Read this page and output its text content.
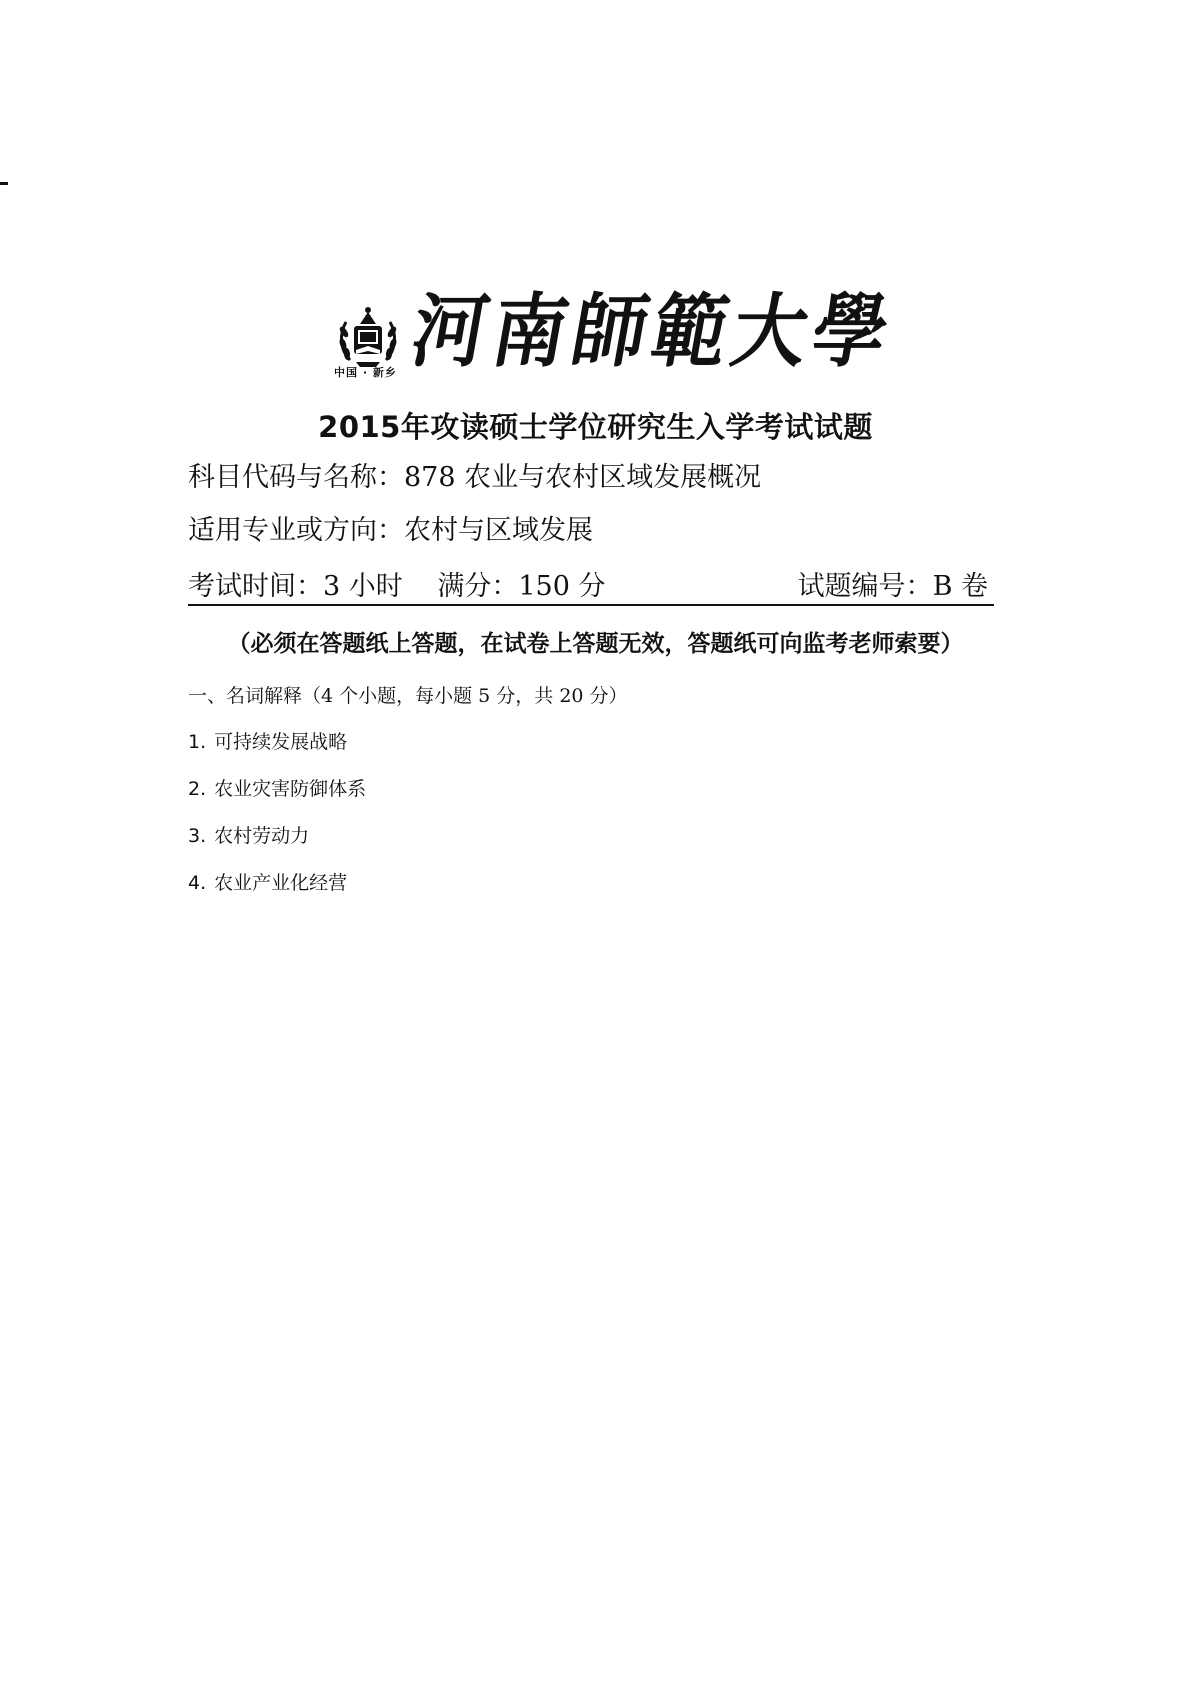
中国 · 新乡 河南師範大學
2015年攻读硕士学位研究生入学考试试题
科目代码与名称：878 农业与农村区域发展概况
适用专业或方向：农村与区域发展
考试时间：3 小时 满分：150 分	试题编号：B 卷
（必须在答题纸上答题，在试卷上答题无效，答题纸可向监考老师索要）
一、名词解释（4 个小题，每小题 5 分，共 20 分）
1. 可持续发展战略
2. 农业灾害防御体系
3. 农村劳动力
4. 农业产业化经营
